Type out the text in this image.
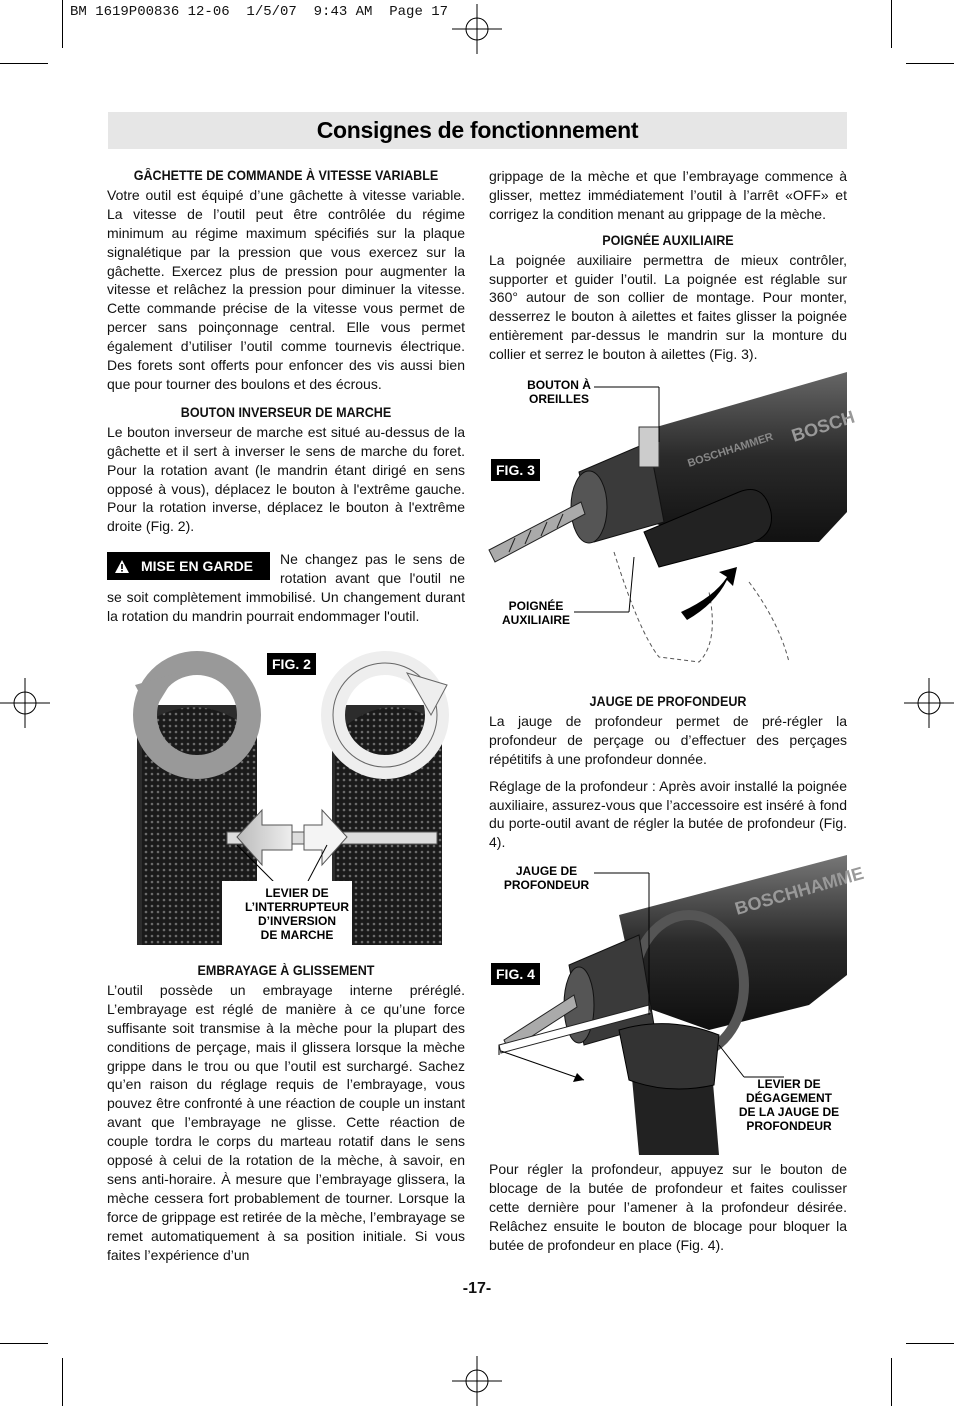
BM 1619P00836 12-06  1/5/07  9:43 AM  Page 17
Consignes de fonctionnement
GÂCHETTE DE COMMANDE À VITESSE VARIABLE

Votre outil est équipé d’une gâchette à vitesse variable. La vitesse de l’outil peut être contrôlée du régime minimum au régime maximum spécifiés sur la plaque signalétique par la pression que vous exercez sur la gâchette. Exercez plus de pression pour augmenter la vitesse et relâchez la pression pour diminuer la vitesse. Cette commande précise de la vitesse vous permet de percer sans poinçonnage central. Elle vous permet également d’utiliser l’outil comme tournevis électrique. Des forets sont offerts pour enfoncer des vis aussi bien que pour tourner des boulons et des écrous.

BOUTON INVERSEUR DE MARCHE

Le bouton inverseur de marche est situé au-dessus de la gâchette et il sert à inverser le sens de marche du foret. Pour la rotation avant (le mandrin étant dirigé en sens opposé à vous), déplacez le bouton à l'extrême gauche. Pour la rotation inverse, déplacez le bouton à l'extrême droite (Fig. 2).

MISE EN GARDE	Ne changez pas le sens de rotation avant que l'outil ne se soit complètement immobilisé. Un changement durant la rotation du mandrin pourrait endommager l'outil.

FIG. 2
LEVIER DE
L’INTERRUPTEUR
D’INVERSION
DE MARCHE
EMBRAYAGE À GLISSEMENT

L’outil possède un embrayage interne préréglé. L’embrayage est réglé de manière à ce qu’une force suffisante soit transmise à la mèche pour la plupart des conditions de perçage, mais il glissera lorsque la mèche grippe dans le trou ou que l’outil est surchargé. Sachez qu’en raison du réglage requis de l’embrayage, vous pouvez être confronté à une réaction de couple un instant avant que l’embrayage ne glisse. Cette réaction de couple tordra le corps du marteau rotatif dans le sens opposé à celui de la rotation de la mèche, à savoir, en sens anti-horaire. À mesure que l’embrayage glissera, la mèche cessera fort probablement de tourner. Lorsque la force de grippage est retirée de la mèche, l’embrayage se remet automatiquement à sa position initiale. Si vous faites l’expérience d’un

grippage de la mèche et que l’embrayage commence à glisser, mettez immédiatement l’outil à l’arrêt «OFF» et corrigez la condition menant au grippage de la mèche.

POIGNÉE AUXILIAIRE

La poignée auxiliaire permettra de mieux contrôler, supporter et guider l’outil. La poignée est réglable sur 360° autour de son collier de montage. Pour monter, desserrez le bouton à ailettes et faites glisser la poignée entièrement par-dessus le mandrin sur la monture du collier et serrez le bouton à ailettes (Fig. 3).

BOSCHHAMMER
BOSCH
FIG. 3
BOUTON À
OREILLES
POIGNÉE
AUXILIAIRE
JAUGE DE PROFONDEUR

La jauge de profondeur permet de pré-régler la profondeur de perçage ou d’effectuer des perçages répétitifs à une profondeur donnée.

Réglage de la profondeur : Après avoir installé la poignée auxiliaire, assurez-vous que l’accessoire est inséré à fond du porte-outil avant de régler la butée de profondeur (Fig. 4).

BOSCHHAMME
FIG. 4
JAUGE DE
PROFONDEUR
LEVIER DE
DÉGAGEMENT
DE LA JAUGE DE
PROFONDEUR

Pour régler la profondeur, appuyez sur le bouton de blocage de la butée de profondeur et faites coulisser cette dernière pour l’amener à la profondeur désirée. Relâchez ensuite le bouton de blocage pour bloquer la butée de profondeur en place (Fig. 4).

-17-
